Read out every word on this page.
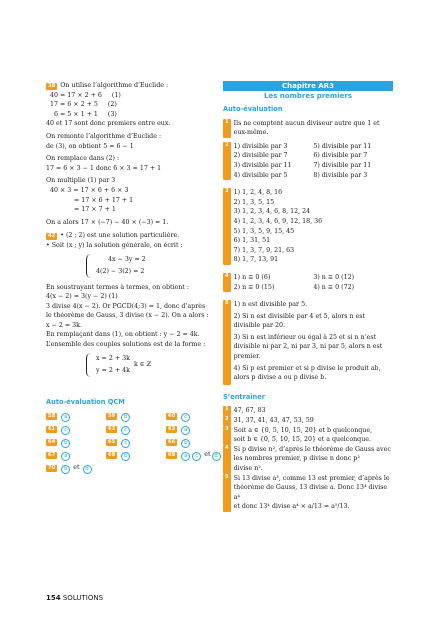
38 On utilise l’algorithme d’Euclide :
40 = 17 × 2 + 6 (1)
17 = 6 × 2 + 5 (2)
6 = 5 × 1 + 1 (3)
40 et 17 sont donc premiers entre eux.
On remonte l’algorithme d’Euclide :
de (3), on obtient 5 = 6 − 1
On remplace dans (2) :
17 = 6 × 3 − 1 donc 6 × 3 = 17 + 1
On multiplie (1) par 3
40 × 3 = 17 × 6 + 6 × 3
= 17 × 6 + 17 + 1
= 17 × 7 + 1
On a alors 17 × (−7) − 40 × (−3) = 1.
42 • (2 ; 2) est une solution particulière.
• Soit (x ; y) la solution générale, on écrit :
4x − 3y = 2
4(2) − 3(2) = 2
En soustrayant termes à termes, on obtient :
4(x − 2) = 3(y − 2) (1)
3 divise 4(x − 2). Or PGCD(4;3) = 1, donc d’après
le théorème de Gauss, 3 divise (x − 2). On a alors :
x − 2 = 3k.
En remplaçant dans (1), on obtient : y − 2 = 4k.
L’ensemble des couples solutions est de la forme :
x = 2 + 3k
y = 2 + 4k
k ∈ ℤ
Auto-évaluation QCM
58 a	59 b	60 c
61 c	62 c	63 a
64 b	65 c	66 b
67 a	68 b	69 a c et d
70 b et d
Chapitre AR3
Les nombres premiers
Auto-évaluation
1 Ils ne comptent aucun diviseur autre que 1 et eux-même.
2 1) divisible par 3	5) divisible par 11
2) divisible par 7	6) divisible par 7
3) divisible par 11	7) divisible par 11
4) divisible par 5	8) divisible par 3
3 1) 1, 2, 4, 8, 16
2) 1, 3, 5, 15
3) 1, 2, 3, 4, 6, 8, 12, 24
4) 1, 2, 3, 4, 6, 9, 12, 18, 36
5) 1, 3, 5, 9, 15, 45
6) 1, 31, 51
7) 1, 3, 7, 9, 21, 63
8) 1, 7, 13, 91
4 1) n ≡ 0 (6)	3) n ≡ 0 (12)
2) n ≡ 0 (15)	4) n ≡ 0 (72)
5 1) n est divisible par 5.
2) Si n est divisible par 4 et 5, alors n est divisible par 20.
3) Si n est inférieur ou égal à 25 et si n n’est divisible ni par 2, ni par 3, ni par 5, alors n est premier.
4) Si p est premier et si p divise le produit ab, alors p divise a ou p divise b.
S’entraîner
1 47, 67, 83
2 31, 37, 41, 43, 47, 53, 59
3 Soit a ∈ {0, 5, 10, 15, 20} et b quelconque,
soit b ∈ {0, 5, 10, 15, 20} et a quelconque.
4 Si p divise n², d’après le théorème de Gauss avec
les nombres premier, p divise n donc p²
divise n².
5 Si 13 divise a³, comme 13 est premier, d’après le
théorème de Gauss, 13 divise a. Donc 13⁴ divise a⁴
et donc 13⁴ divise a⁴ × a/13 = a⁵/13.
154 SOLUTIONS
